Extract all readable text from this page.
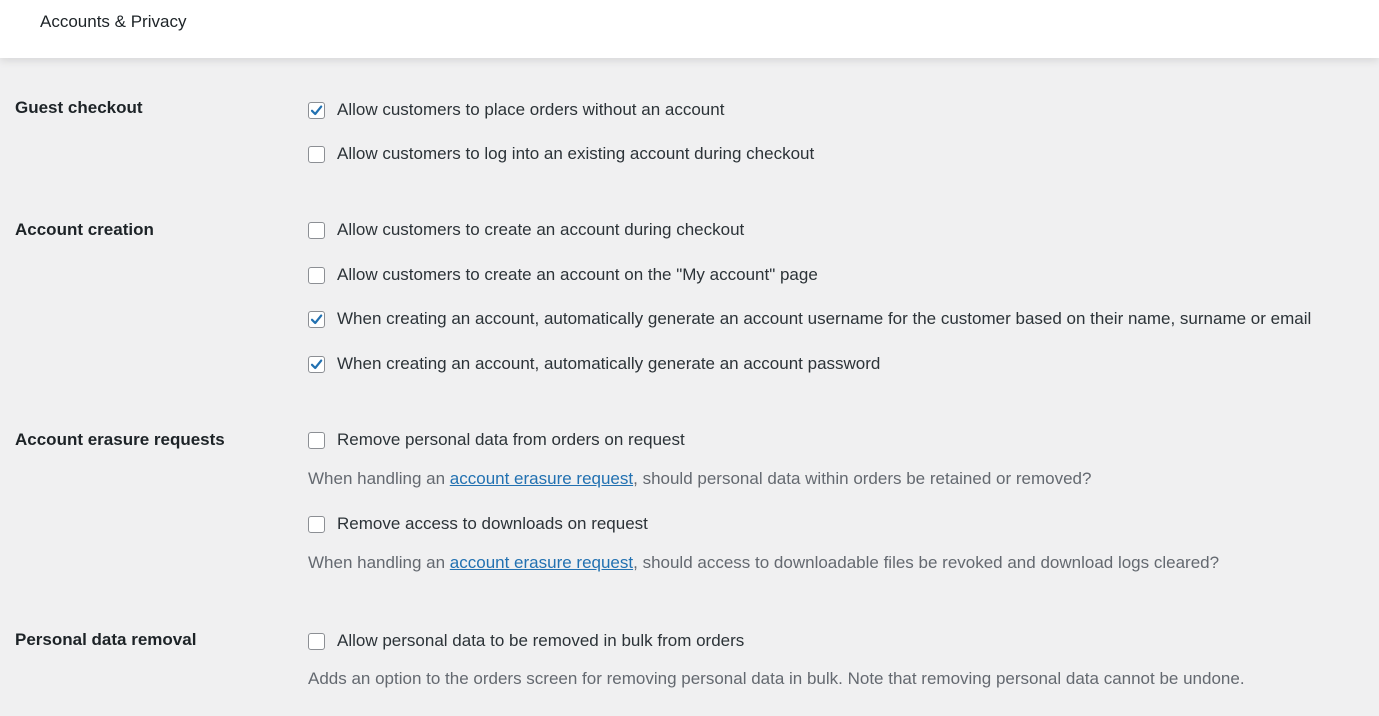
Accounts & Privacy
Guest checkout	Allow customers to place orders without an account
Allow customers to log into an existing account during checkout
Account creation	Allow customers to create an account during checkout
Allow customers to create an account on the "My account" page
When creating an account, automatically generate an account username for the customer based on their name, surname or email
When creating an account, automatically generate an account password
Account erasure requests	Remove personal data from orders on request
When handling an account erasure request, should personal data within orders be retained or removed?
Remove access to downloads on request
When handling an account erasure request, should access to downloadable files be revoked and download logs cleared?
Personal data removal	Allow personal data to be removed in bulk from orders
Adds an option to the orders screen for removing personal data in bulk. Note that removing personal data cannot be undone.
